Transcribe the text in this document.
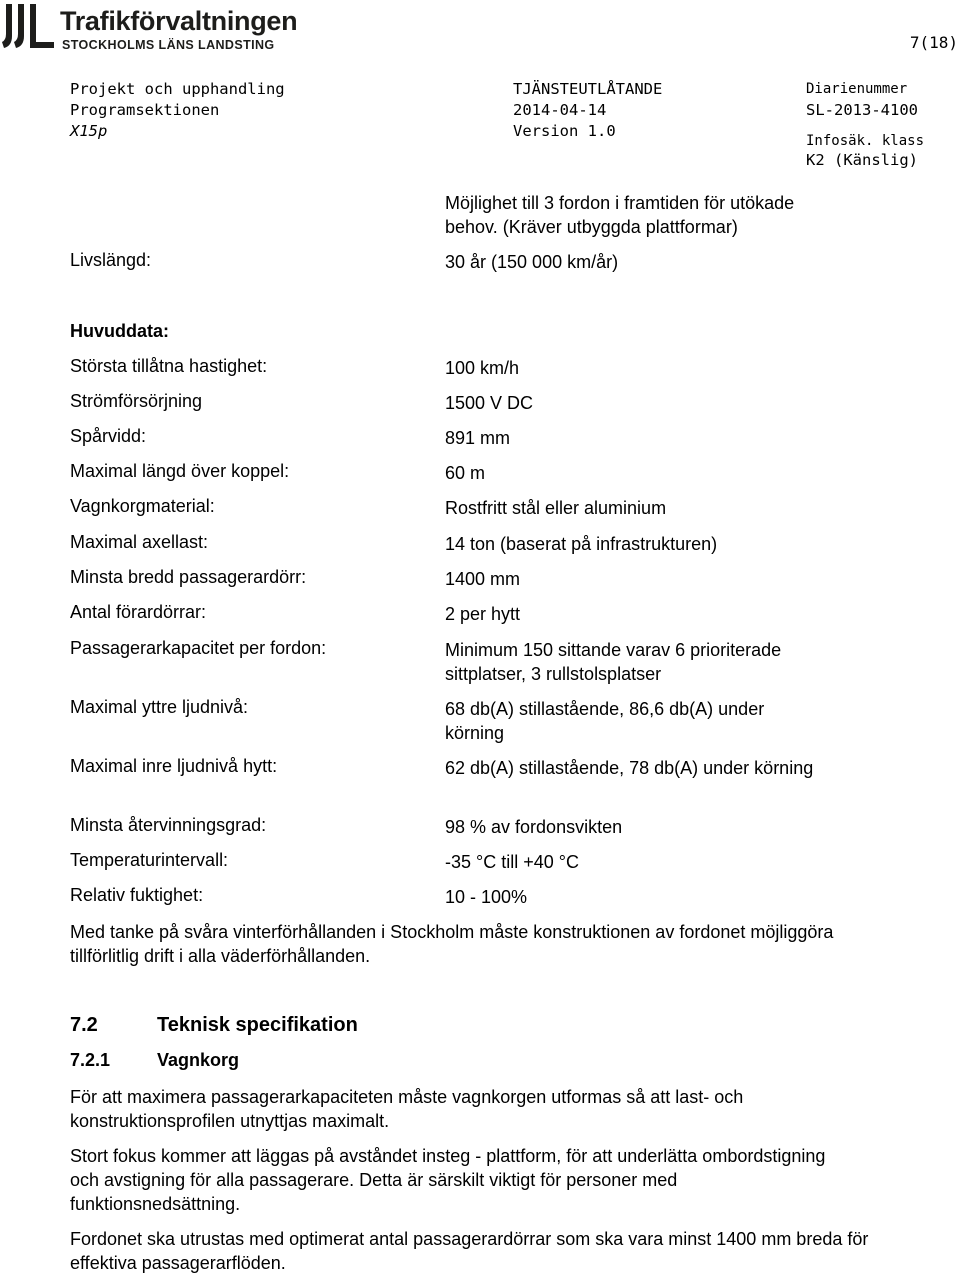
Trafikförvaltningen
STOCKHOLMS LÄNS LANDSTING	7(18)
Projekt och upphandling
Programsektionen
X15p
TJÄNSTEUTLÅTANDE
2014-04-14
Version 1.0
Diarienummer
SL-2013-4100
Infosäk. klass
K2 (Känslig)
Möjlighet till 3 fordon i framtiden för utökade
behov. (Kräver utbyggda plattformar)
Livslängd:	30 år (150 000 km/år)
Huvuddata:
Största tillåtna hastighet:	100 km/h
Strömförsörjning	1500 V DC
Spårvidd:	891 mm
Maximal längd över koppel:	60 m
Vagnkorgmaterial:	Rostfritt stål eller aluminium
Maximal axellast:	14 ton (baserat på infrastrukturen)
Minsta bredd passagerardörr:	1400 mm
Antal förardörrar:	2 per hytt
Passagerarkapacitet per fordon:	Minimum 150 sittande varav 6 prioriterade
sittplatser, 3 rullstolsplatser
Maximal yttre ljudnivå:	68 db(A) stillastående, 86,6 db(A) under
körning
Maximal inre ljudnivå hytt:	62 db(A) stillastående, 78 db(A) under körning
Minsta återvinningsgrad:	98 % av fordonsvikten
Temperaturintervall:	-35 °C till +40 °C
Relativ fuktighet:	10 - 100%
Med tanke på svåra vinterförhållanden i Stockholm måste konstruktionen av fordonet möjliggöra tillförlitlig drift i alla väderförhållanden.
7.2	Teknisk specifikation
7.2.1	Vagnkorg
För att maximera passagerarkapaciteten måste vagnkorgen utformas så att last- och konstruktionsprofilen utnyttjas maximalt.
Stort fokus kommer att läggas på avståndet insteg - plattform, för att underlätta ombordstigning och avstigning för alla passagerare. Detta är särskilt viktigt för personer med funktionsnedsättning.
Fordonet ska utrustas med optimerat antal passagerardörrar som ska vara minst 1400 mm breda för effektiva passagerarflöden.
